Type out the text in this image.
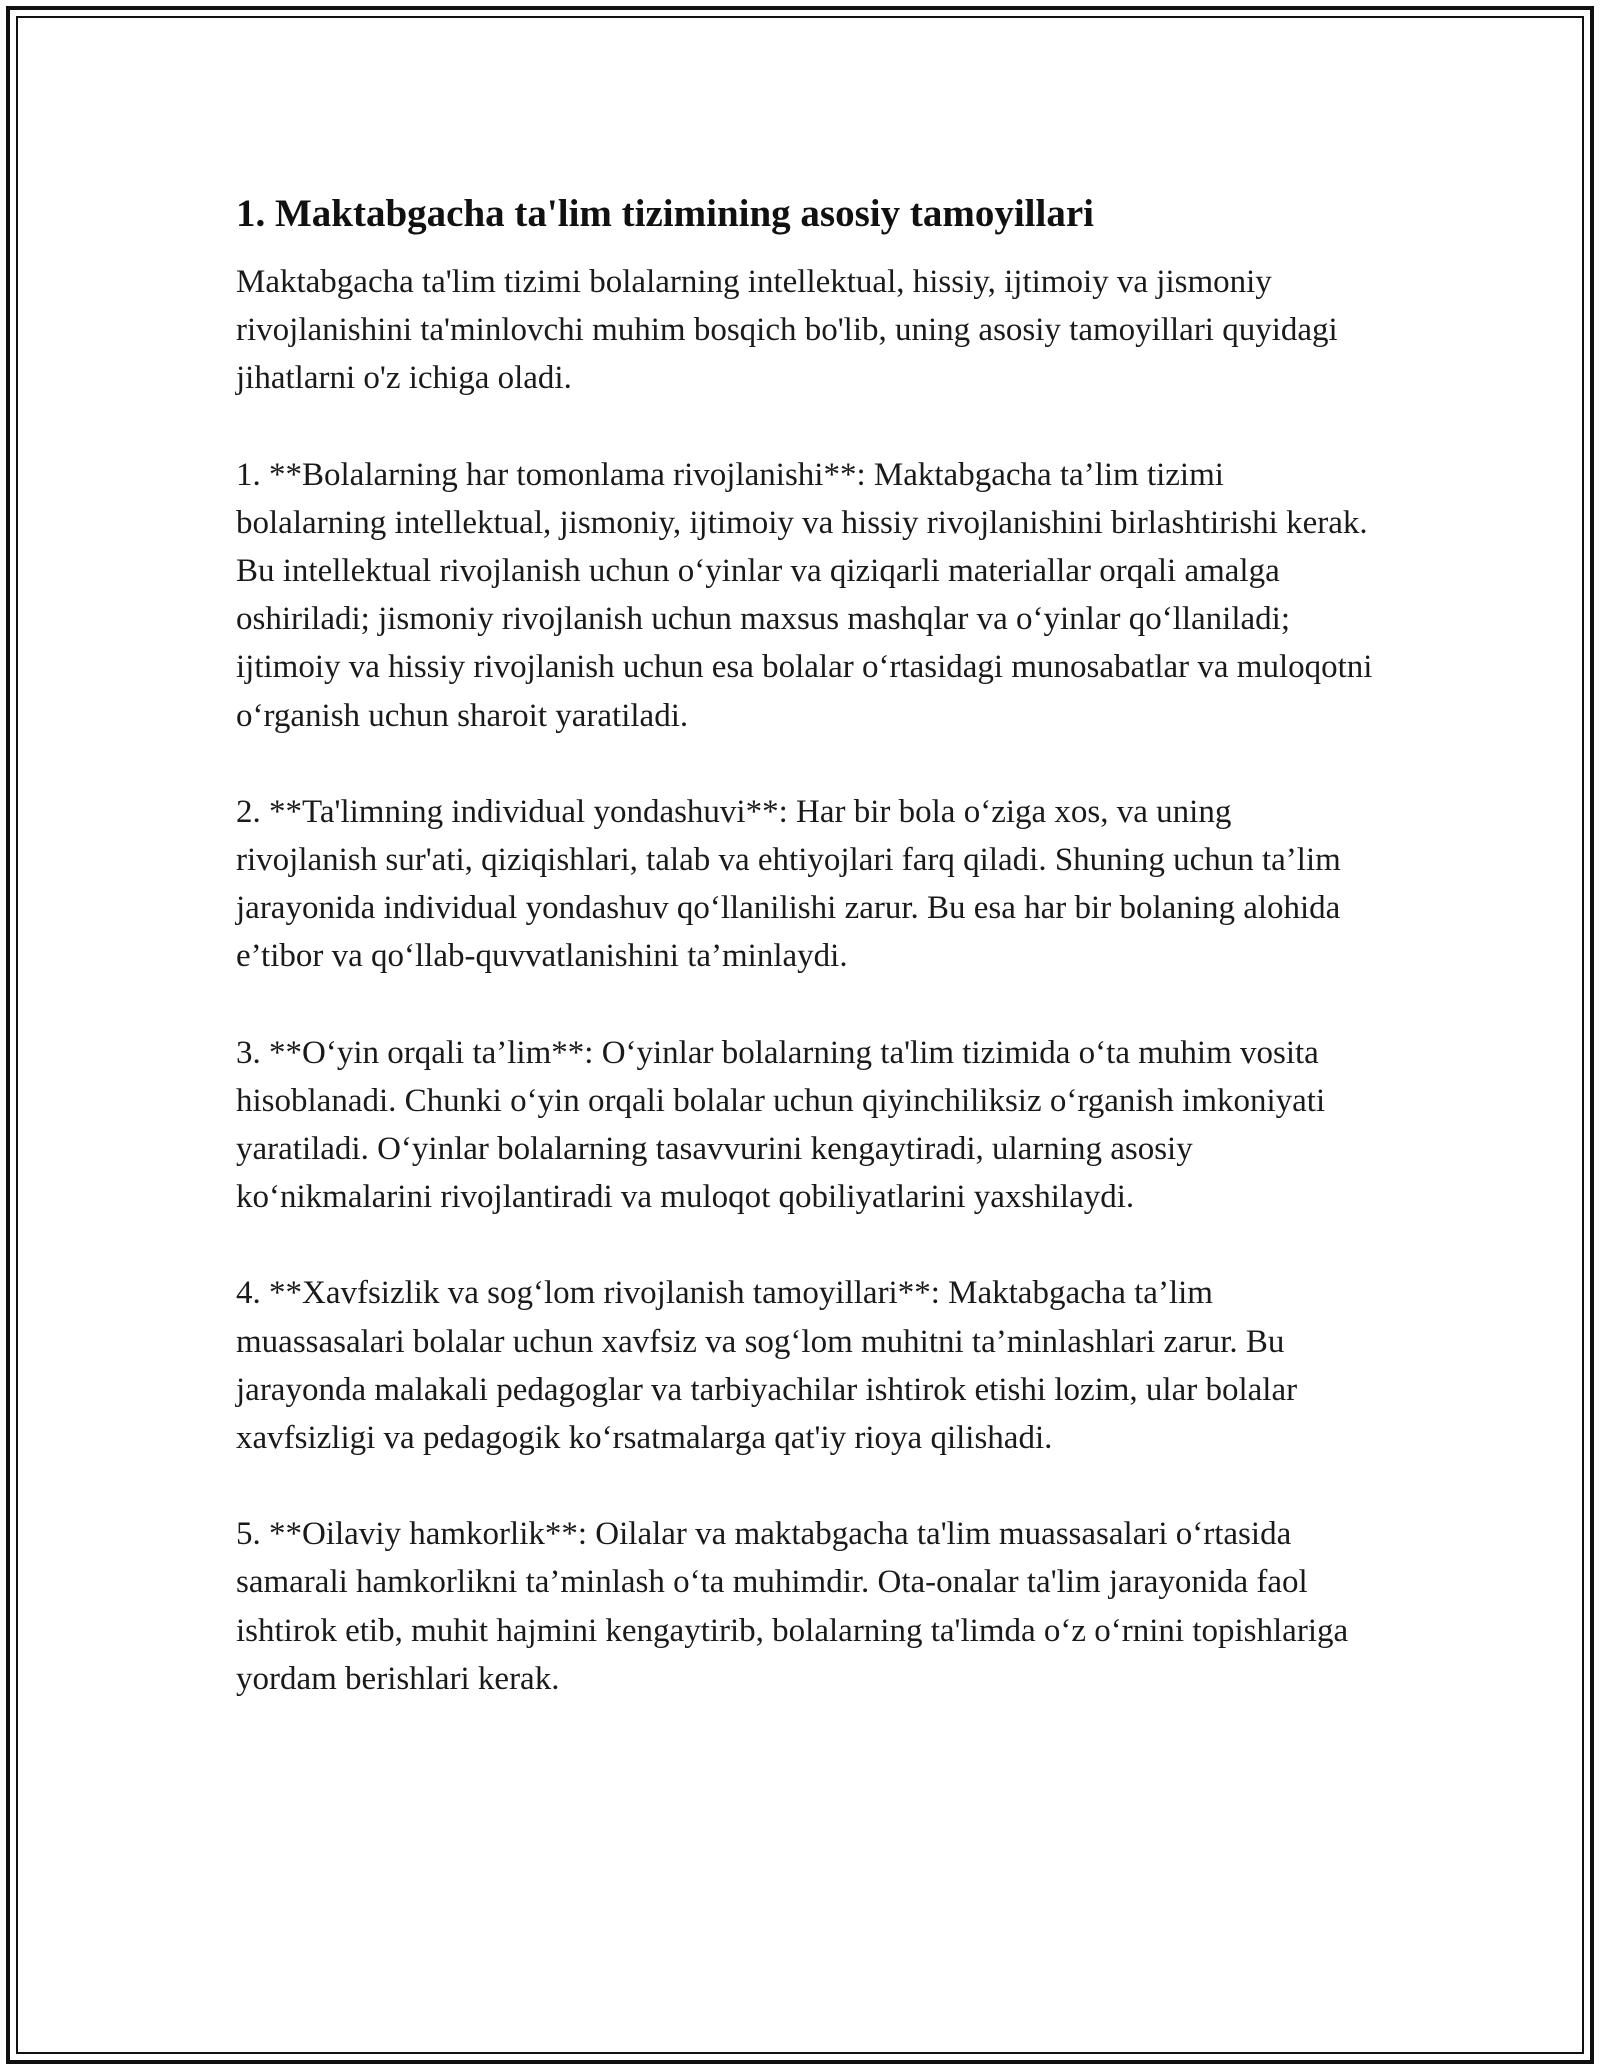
1. Maktabgacha ta'lim tizimining asosiy tamoyillari

Maktabgacha ta'lim tizimi bolalarning intellektual, hissiy, ijtimoiy va jismoniy rivojlanishini ta'minlovchi muhim bosqich bo'lib, uning asosiy tamoyillari quyidagi jihatlarni o'z ichiga oladi.

1. **Bolalarning har tomonlama rivojlanishi**: Maktabgacha ta’lim tizimi bolalarning intellektual, jismoniy, ijtimoiy va hissiy rivojlanishini birlashtirishi kerak. Bu intellektual rivojlanish uchun o‘yinlar va qiziqarli materiallar orqali amalga oshiriladi; jismoniy rivojlanish uchun maxsus mashqlar va o‘yinlar qo‘llaniladi; ijtimoiy va hissiy rivojlanish uchun esa bolalar o‘rtasidagi munosabatlar va muloqotni o‘rganish uchun sharoit yaratiladi.

2. **Ta'limning individual yondashuvi**: Har bir bola o‘ziga xos, va uning rivojlanish sur'ati, qiziqishlari, talab va ehtiyojlari farq qiladi. Shuning uchun ta’lim jarayonida individual yondashuv qo‘llanilishi zarur. Bu esa har bir bolaning alohida e’tibor va qo‘llab-quvvatlanishini ta’minlaydi.

3. **O‘yin orqali ta’lim**: O‘yinlar bolalarning ta'lim tizimida o‘ta muhim vosita hisoblanadi. Chunki o‘yin orqali bolalar uchun qiyinchiliksiz o‘rganish imkoniyati yaratiladi. O‘yinlar bolalarning tasavvurini kengaytiradi, ularning asosiy ko‘nikmalarini rivojlantiradi va muloqot qobiliyatlarini yaxshilaydi.

4. **Xavfsizlik va sog‘lom rivojlanish tamoyillari**: Maktabgacha ta’lim muassasalari bolalar uchun xavfsiz va sog‘lom muhitni ta’minlashlari zarur. Bu jarayonda malakali pedagoglar va tarbiyachilar ishtirok etishi lozim, ular bolalar xavfsizligi va pedagogik ko‘rsatmalarga qat'iy rioya qilishadi.

5. **Oilaviy hamkorlik**: Oilalar va maktabgacha ta'lim muassasalari o‘rtasida samarali hamkorlikni ta’minlash o‘ta muhimdir. Ota-onalar ta'lim jarayonida faol ishtirok etib, muhit hajmini kengaytirib, bolalarning ta'limda o‘z o‘rnini topishlariga yordam berishlari kerak.
